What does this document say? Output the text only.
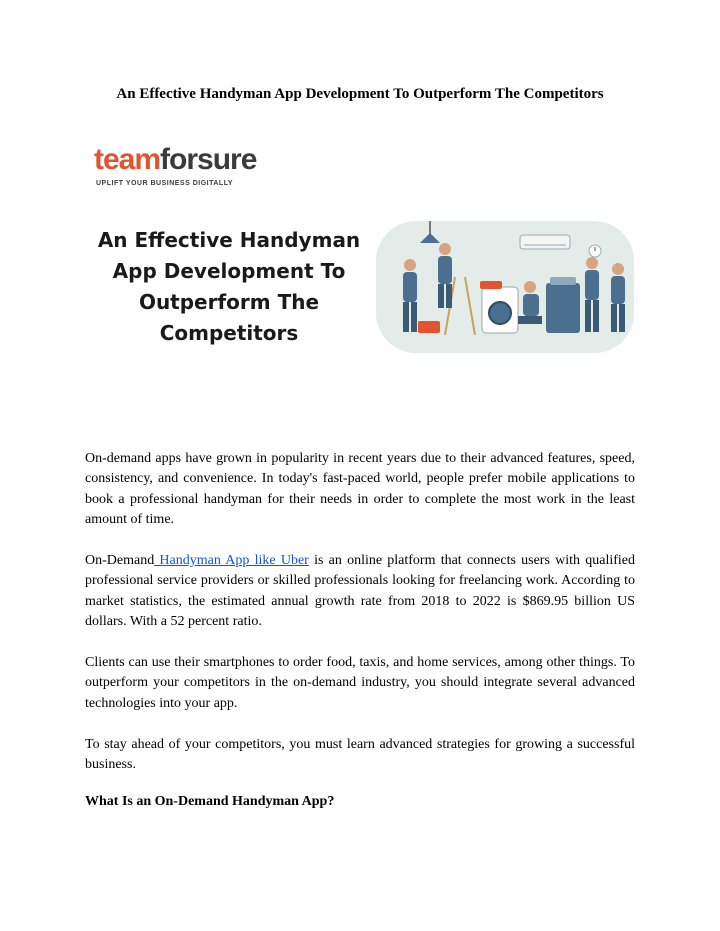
An Effective Handyman App Development To Outperform The Competitors
teamforsure
UPLIFT YOUR BUSINESS DIGITALLY
An Effective Handyman
App Development To
Outperform The
Competitors

On-demand apps have grown in popularity in recent years due to their advanced features, speed, consistency, and convenience. In today's fast-paced world, people prefer mobile applications to book a professional handyman for their needs in order to complete the most work in the least amount of time.

On-Demand Handyman App like Uber is an online platform that connects users with qualified professional service providers or skilled professionals looking for freelancing work. According to market statistics, the estimated annual growth rate from 2018 to 2022 is $869.95 billion US dollars. With a 52 percent ratio.

Clients can use their smartphones to order food, taxis, and home services, among other things. To outperform your competitors in the on-demand industry, you should integrate several advanced technologies into your app.

To stay ahead of your competitors, you must learn advanced strategies for growing a successful business.

What Is an On-Demand Handyman App?
